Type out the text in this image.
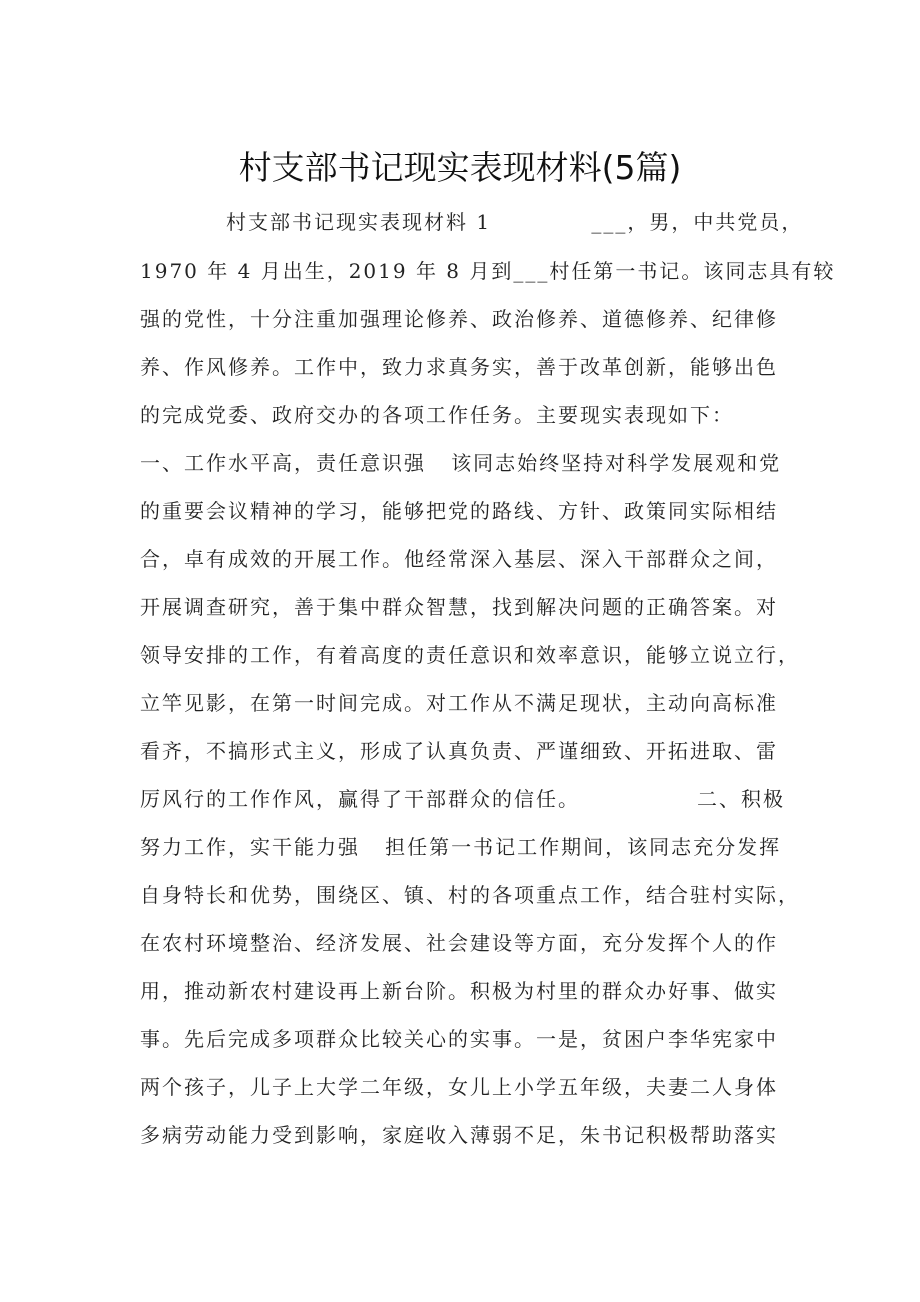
村支部书记现实表现材料(5篇)
村支部书记现实表现材料 1            ___，男，中共党员，
1970 年 4 月出生，2019 年 8 月到___村任第一书记。该同志具有较
强的党性，十分注重加强理论修养、政治修养、道德修养、纪律修
养、作风修养。工作中，致力求真务实，善于改革创新，能够出色
的完成党委、政府交办的各项工作任务。主要现实表现如下：
一、工作水平高，责任意识强   该同志始终坚持对科学发展观和党
的重要会议精神的学习，能够把党的路线、方针、政策同实际相结
合，卓有成效的开展工作。他经常深入基层、深入干部群众之间，
开展调查研究，善于集中群众智慧，找到解决问题的正确答案。对
领导安排的工作，有着高度的责任意识和效率意识，能够立说立行，
立竿见影，在第一时间完成。对工作从不满足现状，主动向高标准
看齐，不搞形式主义，形成了认真负责、严谨细致、开拓进取、雷
厉风行的工作作风，赢得了干部群众的信任。              二、积极
努力工作，实干能力强   担任第一书记工作期间，该同志充分发挥
自身特长和优势，围绕区、镇、村的各项重点工作，结合驻村实际，
在农村环境整治、经济发展、社会建设等方面，充分发挥个人的作
用，推动新农村建设再上新台阶。积极为村里的群众办好事、做实
事。先后完成多项群众比较关心的实事。一是，贫困户李华宪家中
两个孩子，儿子上大学二年级，女儿上小学五年级，夫妻二人身体
多病劳动能力受到影响，家庭收入薄弱不足，朱书记积极帮助落实
